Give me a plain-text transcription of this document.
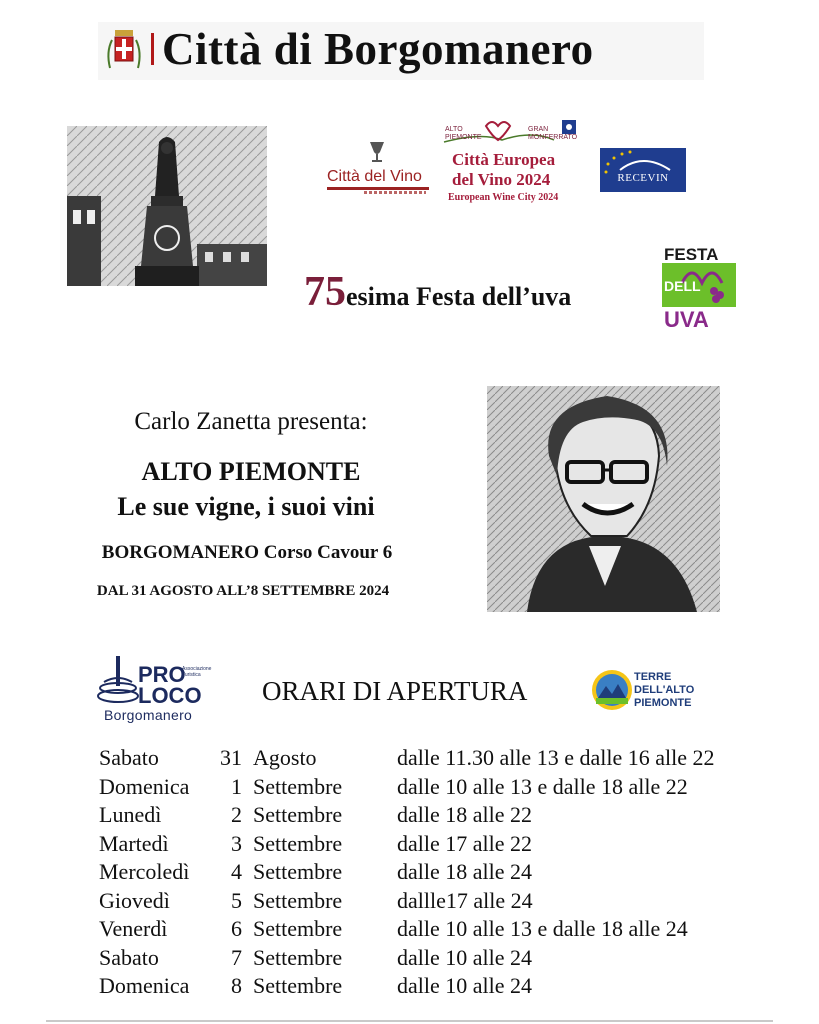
Città di Borgomanero
Città del Vino
ALTO
PIEMONTE
GRAN
MONFERRATO
Città Europea
del Vino 2024
European Wine City 2024
RECEVIN
75esima Festa dell’uva
FESTA
DELL
UVA
Carlo Zanetta presenta:
ALTO PIEMONTE
Le sue vigne, i suoi vini
BORGOMANERO Corso Cavour 6
DAL 31 AGOSTO ALL’8 SETTEMBRE 2024
PRO
Associazione
Turistica
LOCO
Borgomanero
ORARI DI APERTURA	TERRE
DELL'ALTO
PIEMONTE
Sabato	31 Agosto	dalle 11.30 alle 13 e dalle 16 alle 22
Domenica	1 Settembre dalle 10 alle 13 e dalle 18 alle 22
Lunedì	2 Settembre dalle 18 alle 22
Martedì	3 Settembre dalle 17 alle 22
Mercoledì	4 Settembre dalle 18 alle 24
Giovedì	5 Settembre dallle17 alle 24
Venerdì	6 Settembre dalle 10 alle 13 e dalle 18 alle 24
Sabato	7 Settembre dalle 10 alle 24
Domenica	8 Settembre dalle 10 alle 24
